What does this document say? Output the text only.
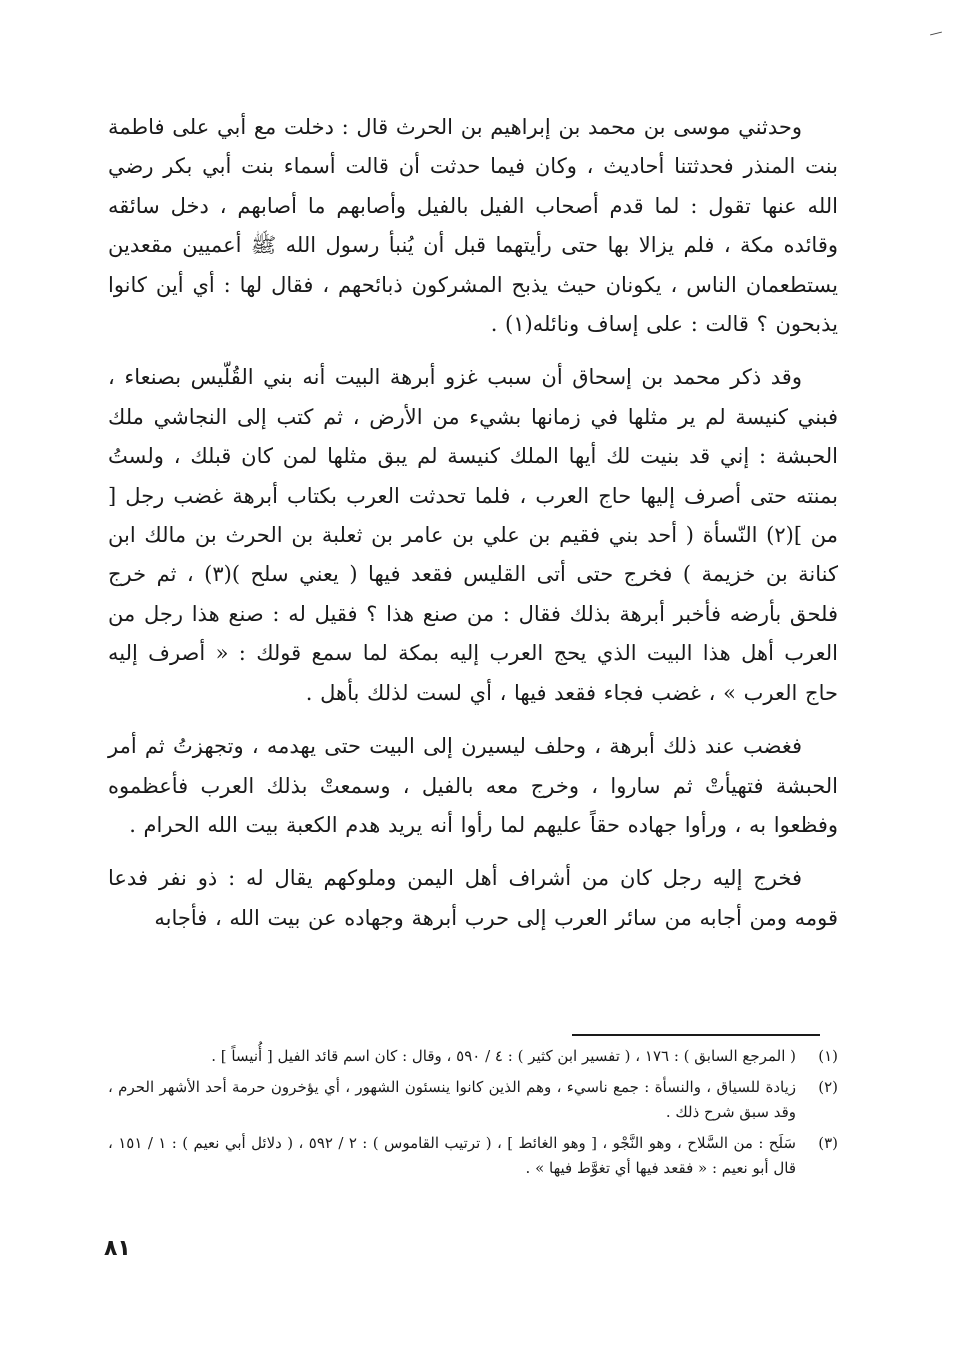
وحدثني موسى بن محمد بن إبراهيم بن الحرث قال : دخلت مع أبي على فاطمة بنت المنذر فحدثتنا أحاديث ، وكان فيما حدثت أن قالت أسماء بنت أبي بكر رضي الله عنها تقول : لما قدم أصحاب الفيل بالفيل وأصابهم ما أصابهم ، دخل سائقه وقائده مكة ، فلم يزالا بها حتى رأيتهما قبل أن يُنبأ رسول الله ﷺ أعميين مقعدين يستطعمان الناس ، يكونان حيث يذبح المشركون ذبائحهم ، فقال لها : أي أين كانوا يذبحون ؟ قالت : على إساف ونائله(١) .

وقد ذكر محمد بن إسحاق أن سبب غزو أبرهة البيت أنه بني القُلّيس بصنعاء ، فبني كنيسة لم ير مثلها في زمانها بشيء من الأرض ، ثم كتب إلى النجاشي ملك الحبشة : إني قد بنيت لك أيها الملك كنيسة لم يبق مثلها لمن كان قبلك ، ولستُ بمنته حتى أصرف إليها حاج العرب ، فلما تحدثت العرب بكتاب أبرهة غضب رجل [ من ](٢) النّسأة ( أحد بني فقيم بن علي بن عامر بن ثعلبة بن الحرث بن مالك ابن كنانة بن خزيمة ) فخرج حتى أتى القليس فقعد فيها ( يعني سلح )(٣) ، ثم خرج فلحق بأرضه فأخبر أبرهة بذلك فقال : من صنع هذا ؟ فقيل له : صنع هذا رجل من العرب أهل هذا البيت الذي يحج العرب إليه بمكة لما سمع قولك : « أصرف إليه حاج العرب » ، غضب فجاء فقعد فيها ، أي لست لذلك بأهل .

فغضب عند ذلك أبرهة ، وحلف ليسيرن إلى البيت حتى يهدمه ، وتجهزتُ ثم أمر الحبشة فتهيأتْ ثم ساروا ، وخرج معه بالفيل ، وسمعتْ بذلك العرب فأعظموه وفظعوا به ، ورأوا جهاده حقاً عليهم لما رأوا أنه يريد هدم الكعبة بيت الله الحرام .

فخرج إليه رجل كان من أشراف أهل اليمن وملوكهم يقال له : ذو نفر فدعا قومه ومن أجابه من سائر العرب إلى حرب أبرهة وجهاده عن بيت الله ، فأجابه

(١)
( المرجع السابق ) : ١٧٦ ، ( تفسير ابن كثير ) : ٤ / ٥٩٠ ، وقال : كان اسم قائد الفيل [ أُنيساً ] .
(٢)
زيادة للسياق ، والنسأة : جمع ناسيء ، وهم الذين كانوا ينسئون الشهور ، أي يؤخرون حرمة أحد الأشهر الحرم ، وقد سبق شرح ذلك .
(٣)
سَلَح : من السَّلاح ، وهو النَّجْو ، [ وهو الغائط ] ، ( ترتيب القاموس ) : ٢ / ٥٩٢ ، ( دلائل أبي نعيم ) : ١ / ١٥١ ، قال أبو نعيم : « فقعد فيها أي تغوَّط فيها » .
٨١
